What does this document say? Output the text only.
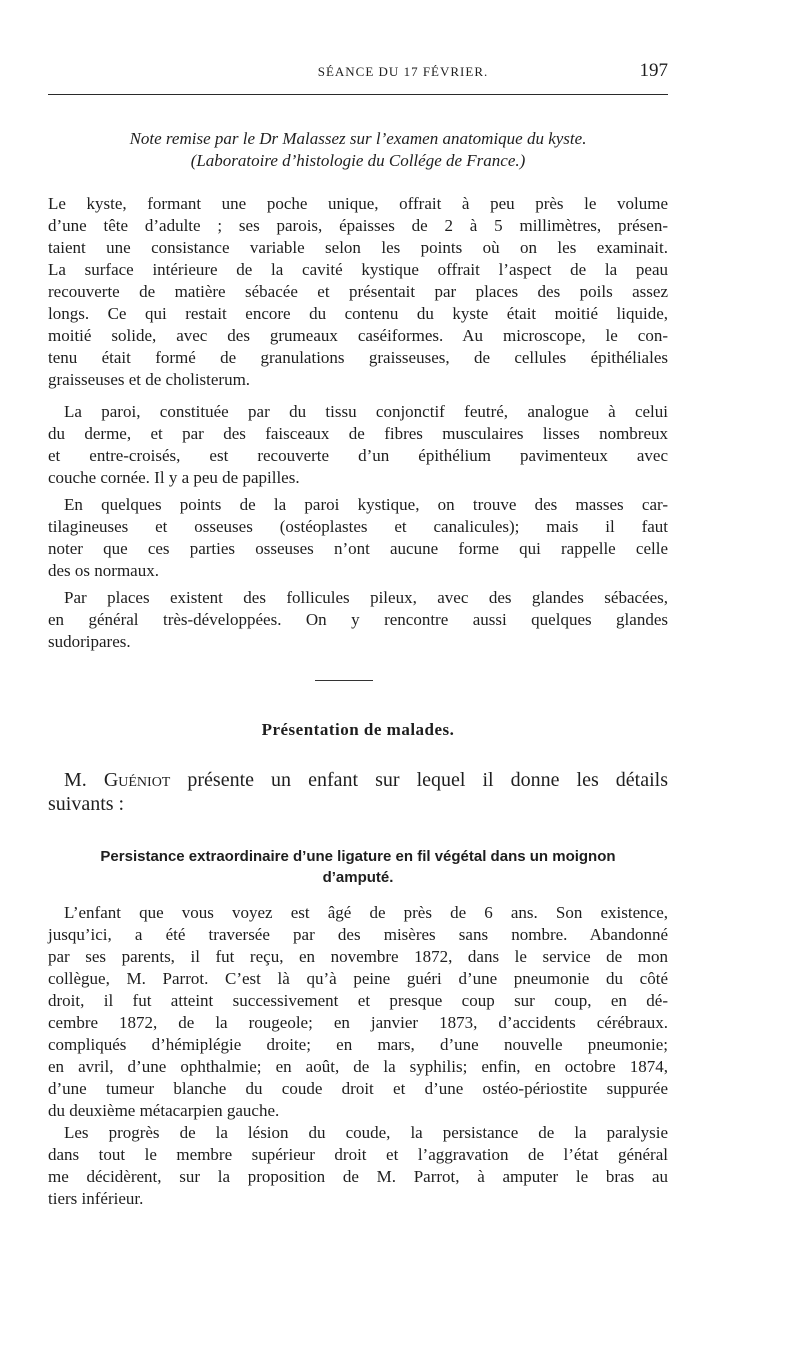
SÉANCE DU 17 FÉVRIER.	197
Note remise par le Dr Malassez sur l’examen anatomique du kyste.
(Laboratoire d’histologie du Collége de France.)
Le kyste, formant une poche unique, offrait à peu près le volume
d’une tête d’adulte ; ses parois, épaisses de 2 à 5 millimètres, présen-
taient une consistance variable selon les points où on les examinait.
La surface intérieure de la cavité kystique offrait l’aspect de la peau
recouverte de matière sébacée et présentait par places des poils assez
longs. Ce qui restait encore du contenu du kyste était moitié liquide,
moitié solide, avec des grumeaux caséiformes. Au microscope, le con-
tenu était formé de granulations graisseuses, de cellules épithéliales
graisseuses et de cholisterum.
La paroi, constituée par du tissu conjonctif feutré, analogue à celui
du derme, et par des faisceaux de fibres musculaires lisses nombreux
et entre-croisés, est recouverte d’un épithélium pavimenteux avec
couche cornée. Il y a peu de papilles.
En quelques points de la paroi kystique, on trouve des masses car-
tilagineuses et osseuses (ostéoplastes et canalicules); mais il faut
noter que ces parties osseuses n’ont aucune forme qui rappelle celle
des os normaux.
Par places existent des follicules pileux, avec des glandes sébacées,
en général très-développées. On y rencontre aussi quelques glandes
sudoripares.
Présentation de malades.
M. Guéniot présente un enfant sur lequel il donne les détails
suivants :
Persistance extraordinaire d’une ligature en fil végétal dans un moignon
d’amputé.
L’enfant que vous voyez est âgé de près de 6 ans. Son existence,
jusqu’ici, a été traversée par des misères sans nombre. Abandonné
par ses parents, il fut reçu, en novembre 1872, dans le service de mon
collègue, M. Parrot. C’est là qu’à peine guéri d’une pneumonie du côté
droit, il fut atteint successivement et presque coup sur coup, en dé-
cembre 1872, de la rougeole; en janvier 1873, d’accidents cérébraux.
compliqués d’hémiplégie droite; en mars, d’une nouvelle pneumonie;
en avril, d’une ophthalmie; en août, de la syphilis; enfin, en octobre 1874,
d’une tumeur blanche du coude droit et d’une ostéo-périostite suppurée
du deuxième métacarpien gauche.
Les progrès de la lésion du coude, la persistance de la paralysie
dans tout le membre supérieur droit et l’aggravation de l’état général
me décidèrent, sur la proposition de M. Parrot, à amputer le bras au
tiers inférieur.
